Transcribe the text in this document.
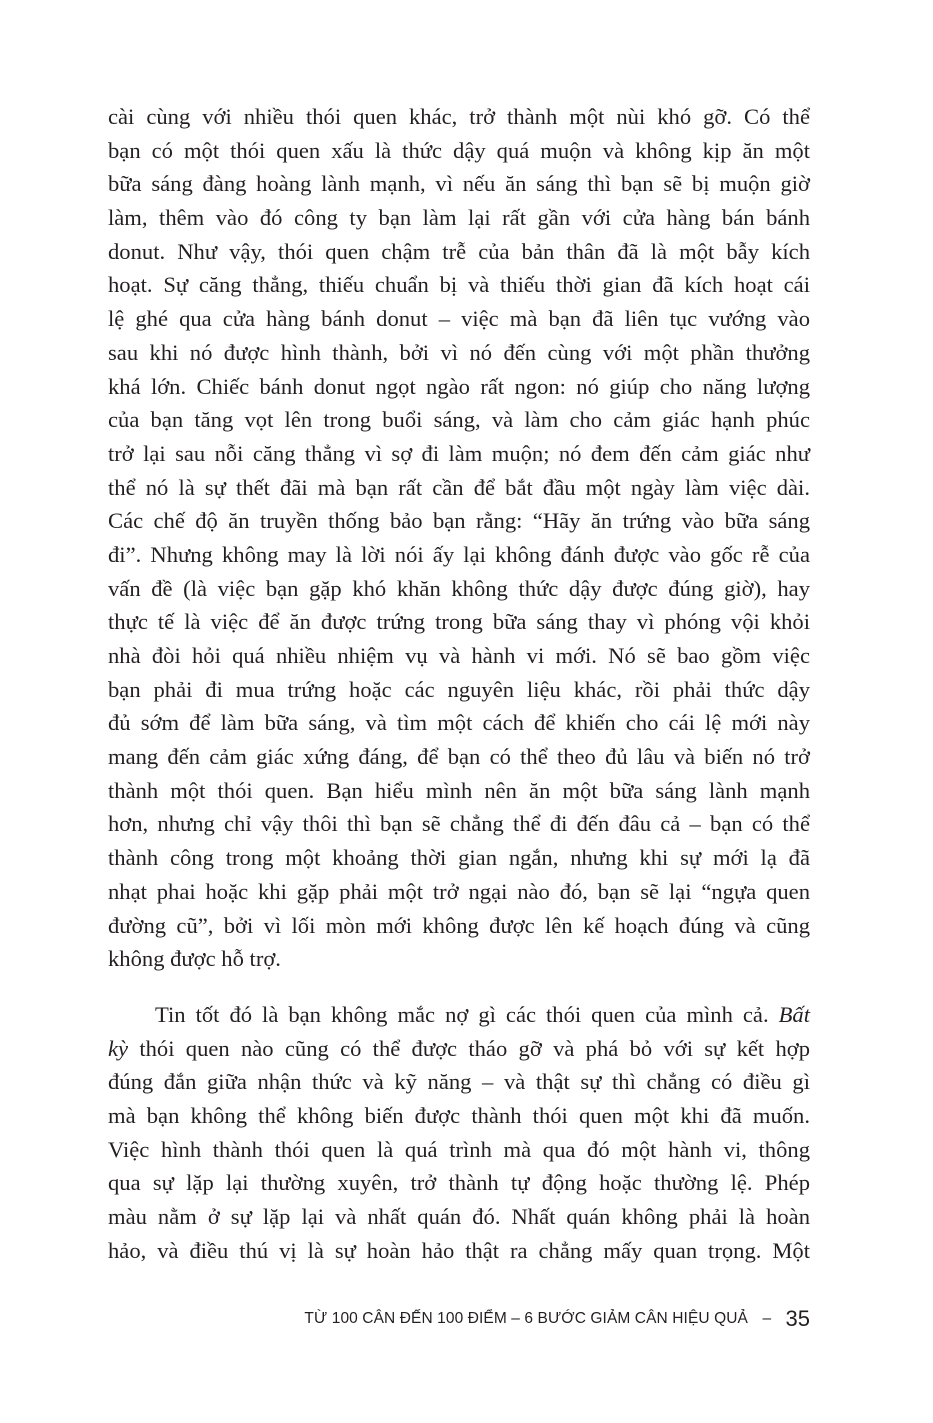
cài cùng với nhiều thói quen khác, trở thành một nùi khó gỡ. Có thể
bạn có một thói quen xấu là thức dậy quá muộn và không kịp ăn một
bữa sáng đàng hoàng lành mạnh, vì nếu ăn sáng thì bạn sẽ bị muộn giờ
làm, thêm vào đó công ty bạn làm lại rất gần với cửa hàng bán bánh
donut. Như vậy, thói quen chậm trễ của bản thân đã là một bẫy kích
hoạt. Sự căng thẳng, thiếu chuẩn bị và thiếu thời gian đã kích hoạt cái
lệ ghé qua cửa hàng bánh donut – việc mà bạn đã liên tục vướng vào
sau khi nó được hình thành, bởi vì nó đến cùng với một phần thưởng
khá lớn. Chiếc bánh donut ngọt ngào rất ngon: nó giúp cho năng lượng
của bạn tăng vọt lên trong buổi sáng, và làm cho cảm giác hạnh phúc
trở lại sau nỗi căng thẳng vì sợ đi làm muộn; nó đem đến cảm giác như
thể nó là sự thết đãi mà bạn rất cần để bắt đầu một ngày làm việc dài.
Các chế độ ăn truyền thống bảo bạn rằng: “Hãy ăn trứng vào bữa sáng
đi”. Nhưng không may là lời nói ấy lại không đánh được vào gốc rễ của
vấn đề (là việc bạn gặp khó khăn không thức dậy được đúng giờ), hay
thực tế là việc để ăn được trứng trong bữa sáng thay vì phóng vội khỏi
nhà đòi hỏi quá nhiều nhiệm vụ và hành vi mới. Nó sẽ bao gồm việc
bạn phải đi mua trứng hoặc các nguyên liệu khác, rồi phải thức dậy
đủ sớm để làm bữa sáng, và tìm một cách để khiến cho cái lệ mới này
mang đến cảm giác xứng đáng, để bạn có thể theo đủ lâu và biến nó trở
thành một thói quen. Bạn hiểu mình nên ăn một bữa sáng lành mạnh
hơn, nhưng chỉ vậy thôi thì bạn sẽ chẳng thể đi đến đâu cả – bạn có thể
thành công trong một khoảng thời gian ngắn, nhưng khi sự mới lạ đã
nhạt phai hoặc khi gặp phải một trở ngại nào đó, bạn sẽ lại “ngựa quen
đường cũ”, bởi vì lối mòn mới không được lên kế hoạch đúng và cũng
không được hỗ trợ.
Tin tốt đó là bạn không mắc nợ gì các thói quen của mình cả. Bất
kỳ thói quen nào cũng có thể được tháo gỡ và phá bỏ với sự kết hợp
đúng đắn giữa nhận thức và kỹ năng – và thật sự thì chẳng có điều gì
mà bạn không thể không biến được thành thói quen một khi đã muốn.
Việc hình thành thói quen là quá trình mà qua đó một hành vi, thông
qua sự lặp lại thường xuyên, trở thành tự động hoặc thường lệ. Phép
màu nằm ở sự lặp lại và nhất quán đó. Nhất quán không phải là hoàn
hảo, và điều thú vị là sự hoàn hảo thật ra chẳng mấy quan trọng. Một
TỪ 100 CÂN ĐẾN 100 ĐIỂM – 6 BƯỚC GIẢM CÂN HIỆU QUẢ – 35
